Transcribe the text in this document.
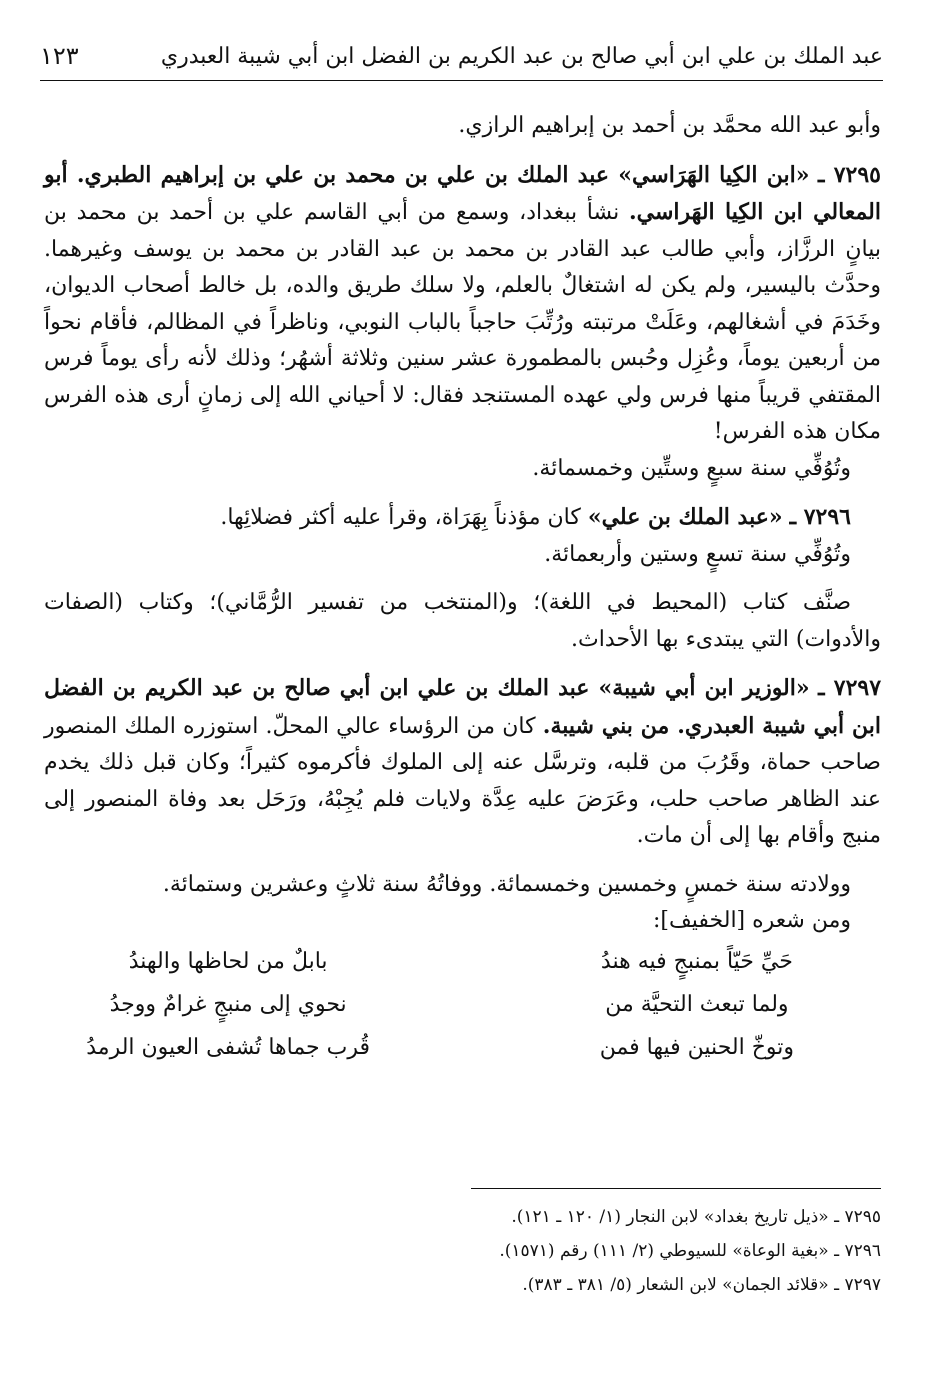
عبد الملك بن علي ابن أبي صالح بن عبد الكريم بن الفضل ابن أبي شيبة العبدري
١٢٣

وأبو عبد الله محمَّد بن أحمد بن إبراهيم الرازي.

٧٢٩٥ ـ «ابن الكِيا الهَرَاسي» عبد الملك بن علي بن محمد بن علي بن إبراهيم الطبري. أبو المعالي ابن الكِيا الهَراسي. نشأ ببغداد، وسمع من أبي القاسم علي بن أحمد بن محمد بن بيانٍ الرزَّاز، وأبي طالب عبد القادر بن محمد بن عبد القادر بن محمد بن يوسف وغيرهما. وحدَّث باليسير، ولم يكن له اشتغالٌ بالعلم، ولا سلك طريق والده، بل خالط أصحاب الديوان، وخَدَمَ في أشغالهم، وعَلَتْ مرتبته ورُتِّبَ حاجباً بالباب النوبي، وناظراً في المظالم، فأقام نحواً من أربعين يوماً، وعُزِل وحُبس بالمطمورة عشر سنين وثلاثة أشهُر؛ وذلك لأنه رأى يوماً فرس المقتفي قريباً منها فرس ولي عهده المستنجد فقال: لا أحياني الله إلى زمانٍ أرى هذه الفرس مكان هذه الفرس!

وتُوُفِّي سنة سبعٍ وستِّين وخمسمائة.

٧٢٩٦ ـ «عبد الملك بن علي» كان مؤذناً بِهَرَاة، وقرأ عليه أكثر فضلائِها.

وتُوُفِّي سنة تسعٍ وستين وأربعمائة.

صنَّف كتاب (المحيط في اللغة)؛ و(المنتخب من تفسير الرُّمَّاني)؛ وكتاب (الصفات والأدوات) التي يبتدىء بها الأحداث.

٧٢٩٧ ـ «الوزير ابن أبي شيبة» عبد الملك بن علي ابن أبي صالح بن عبد الكريم بن الفضل ابن أبي شيبة العبدري. من بني شيبة. كان من الرؤساء عالي المحلّ. استوزره الملك المنصور صاحب حماة، وقَرُبَ من قلبه، وترسَّل عنه إلى الملوك فأكرموه كثيراً؛ وكان قبل ذلك يخدم عند الظاهر صاحب حلب، وعَرَضَ عليه عِدَّة ولايات فلم يُجِبْهُ، ورَحَل بعد وفاة المنصور إلى منبج وأقام بها إلى أن مات.

وولادته سنة خمسٍ وخمسين وخمسمائة. ووفاتُهُ سنة ثلاثٍ وعشرين وستمائة.

ومن شعره [الخفيف]:

حَيِّ حَيّاً بمنبجٍ فيه هندُ
بابلٌ من لحاظها والهندُ
ولما تبعث التحيَّة من
نحوي إلى منبجٍ غرامٌ ووجدُ
وتوخّ الحنين فيها فمن
قُرب جماها تُشفى العيون الرمدُ

٧٢٩٥ ـ «ذيل تاريخ بغداد» لابن النجار (١/ ١٢٠ ـ ١٢١).

٧٢٩٦ ـ «بغية الوعاة» للسيوطي (٢/ ١١١) رقم (١٥٧١).

٧٢٩٧ ـ «قلائد الجمان» لابن الشعار (٥/ ٣٨١ ـ ٣٨٣).
